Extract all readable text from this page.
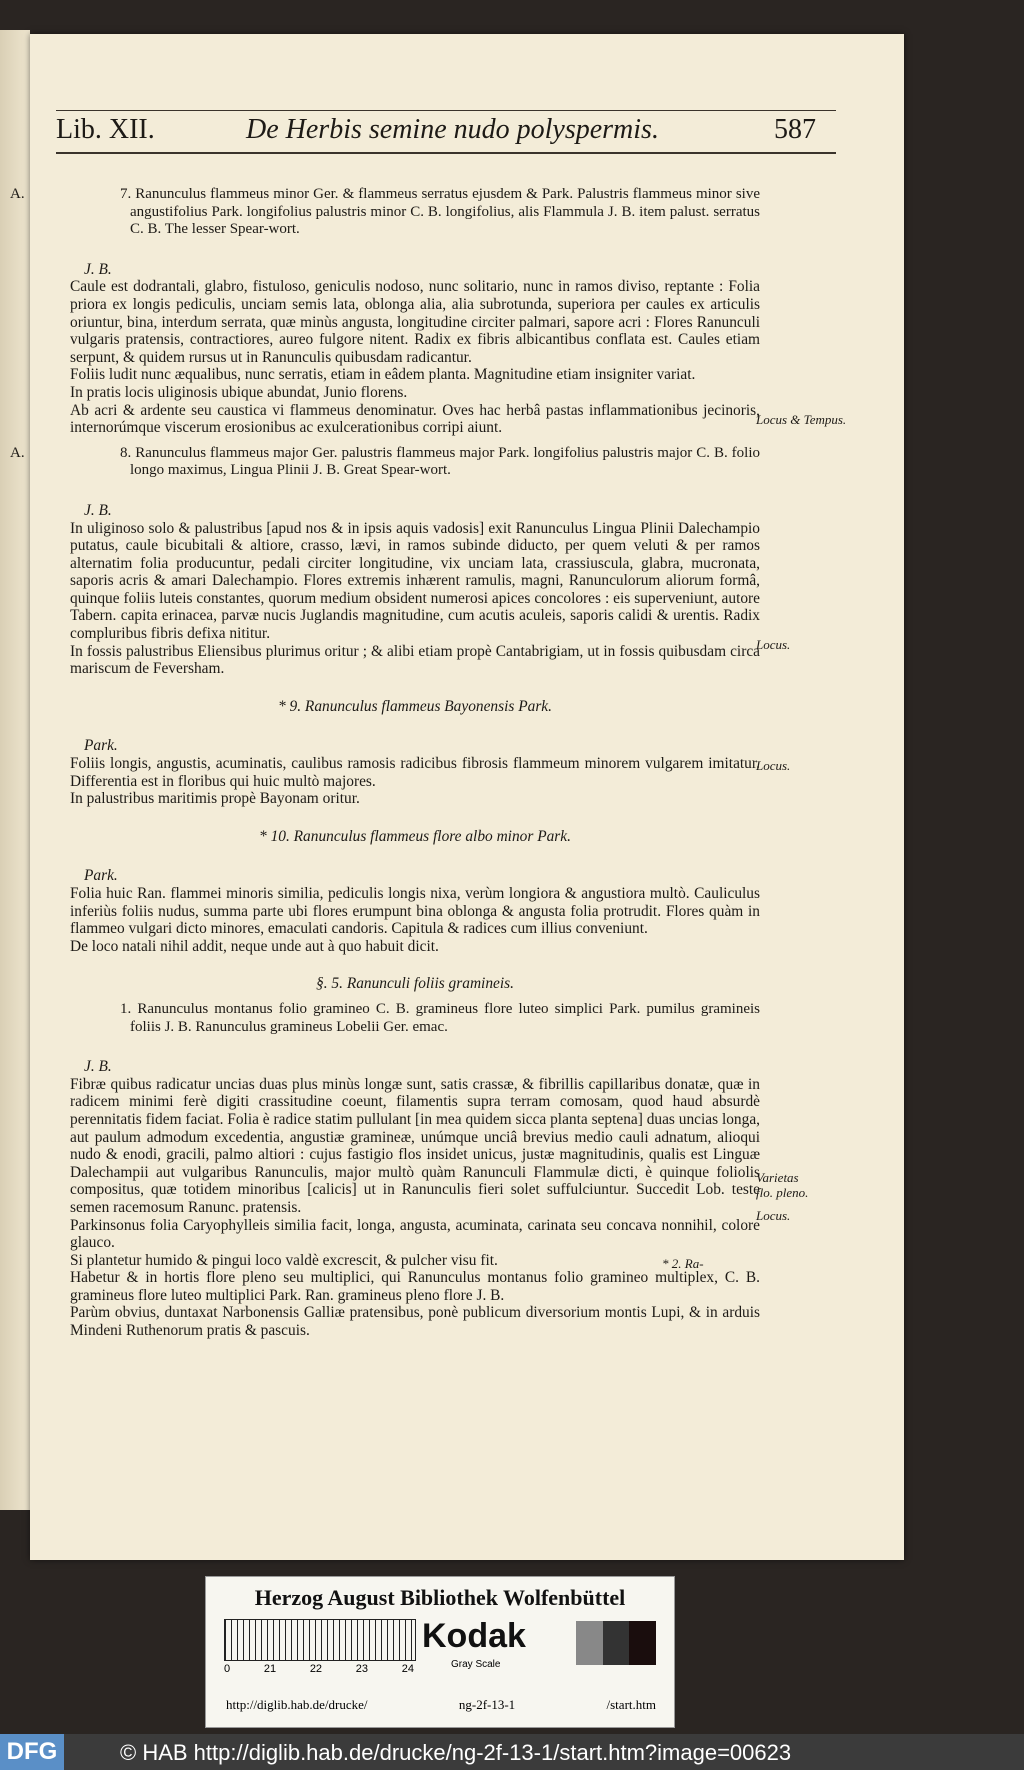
Lib. XII.	De Herbis semine nudo polyspermis.	587
A.	7. Ranunculus flammeus minor Ger. & flammeus serratus ejusdem & Park. Palustris flammeus minor sive angustifolius Park. longifolius palustris minor C. B. longifolius, alis Flammula J. B. item palust. serratus C. B. The lesser Spear-wort.
J. B.
Caule est dodrantali, glabro, fistuloso, geniculis nodoso, nunc solitario, nunc in ramos diviso, reptante : Folia priora ex longis pediculis, unciam semis lata, oblonga alia, alia subrotunda, superiora per caules ex articulis oriuntur, bina, interdum serrata, quæ minùs angusta, longitudine circiter palmari, sapore acri : Flores Ranunculi vulgaris pratensis, contractiores, aureo fulgore nitent. Radix ex fibris albicantibus conflata est. Caules etiam serpunt, & quidem rursus ut in Ranunculis quibusdam radicantur.
Foliis ludit nunc æqualibus, nunc serratis, etiam in eâdem planta. Magnitudine etiam insigniter variat.
In pratis locis uliginosis ubique abundat, Junio florens.
Ab acri & ardente seu caustica vi flammeus denominatur. Oves hac herbâ pastas inflammationibus jecinoris, internorúmque viscerum erosionibus ac exulcerationibus corripi aiunt.
A.	8. Ranunculus flammeus major Ger. palustris flammeus major Park. longifolius palustris major C. B. folio longo maximus, Lingua Plinii J. B. Great Spear-wort.
J. B.
In uliginoso solo & palustribus [apud nos & in ipsis aquis vadosis] exit Ranunculus Lingua Plinii Dalechampio putatus, caule bicubitali & altiore, crasso, lævi, in ramos subinde diducto, per quem veluti & per ramos alternatim folia producuntur, pedali circiter longitudine, vix unciam lata, crassiuscula, glabra, mucronata, saporis acris & amari Dalechampio. Flores extremis inhærent ramulis, magni, Ranunculorum aliorum formâ, quinque foliis luteis constantes, quorum medium obsident numerosi apices concolores : eis superveniunt, autore Tabern. capita erinacea, parvæ nucis Juglandis magnitudine, cum acutis aculeis, saporis calidi & urentis. Radix compluribus fibris defixa nititur.
In fossis palustribus Eliensibus plurimus oritur ; & alibi etiam propè Cantabrigiam, ut in fossis quibusdam circa mariscum de Feversham.
* 9. Ranunculus flammeus Bayonensis Park.
Park.
Foliis longis, angustis, acuminatis, caulibus ramosis radicibus fibrosis flammeum minorem vulgarem imitatur. Differentia est in floribus qui huic multò majores.
In palustribus maritimis propè Bayonam oritur.
* 10. Ranunculus flammeus flore albo minor Park.
Park.
Folia huic Ran. flammei minoris similia, pediculis longis nixa, verùm longiora & angustiora multò. Cauliculus inferiùs foliis nudus, summa parte ubi flores erumpunt bina oblonga & angusta folia protrudit. Flores quàm in flammeo vulgari dicto minores, emaculati candoris. Capitula & radices cum illius conveniunt.
De loco natali nihil addit, neque unde aut à quo habuit dicit.
§. 5. Ranunculi foliis gramineis.
1. Ranunculus montanus folio gramineo C. B. gramineus flore luteo simplici Park. pumilus gramineis foliis J. B. Ranunculus gramineus Lobelii Ger. emac.
J. B.
Fibræ quibus radicatur uncias duas plus minùs longæ sunt, satis crassæ, & fibrillis capillaribus donatæ, quæ in radicem minimi ferè digiti crassitudine coeunt, filamentis supra terram comosam, quod haud absurdè perennitatis fidem faciat. Folia è radice statim pullulant [in mea quidem sicca planta septena] duas uncias longa, aut paulum admodum excedentia, angustiæ gramineæ, unúmque unciâ brevius medio cauli adnatum, alioqui nudo & enodi, gracili, palmo altiori : cujus fastigio flos insidet unicus, justæ magnitudinis, qualis est Linguæ Dalechampii aut vulgaribus Ranunculis, major multò quàm Ranunculi Flammulæ dicti, è quinque foliolis compositus, quæ totidem minoribus [calicis] ut in Ranunculis fieri solet suffulciuntur. Succedit Lob. teste semen racemosum Ranunc. pratensis.
Parkinsonus folia Caryophylleis similia facit, longa, angusta, acuminata, carinata seu concava nonnihil, colore glauco.
Si plantetur humido & pingui loco valdè excrescit, & pulcher visu fit.
Habetur & in hortis flore pleno seu multiplici, qui Ranunculus montanus folio gramineo multiplex, C. B. gramineus flore luteo multiplici Park. Ran. gramineus pleno flore J. B.
Parùm obvius, duntaxat Narbonensis Galliæ pratensibus, ponè publicum diversorium montis Lupi, & in arduis Mindeni Ruthenorum pratis & pascuis.
Locus & Tempus.
Locus.
Locus.
Varietas flo. pleno.
Locus.
* 2. Ra-
Herzog August Bibliothek Wolfenbüttel
0	21	22	23	24
Kodak
Gray Scale
http://diglib.hab.de/drucke/	ng-2f-13-1	/start.htm
DFG	© HAB http://diglib.hab.de/drucke/ng-2f-13-1/start.htm?image=00623
